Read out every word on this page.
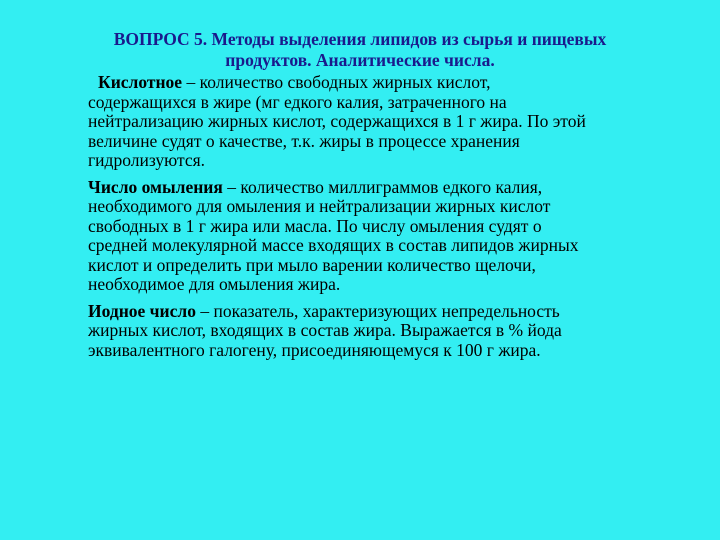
ВОПРОС 5. Методы выделения липидов из сырья и пищевых
продуктов. Аналитические числа.
Кислотное – количество свободных жирных кислот,
содержащихся в жире (мг едкого калия, затраченного на
нейтрализацию жирных кислот, содержащихся в 1 г жира. По этой
величине судят о качестве, т.к. жиры в процессе хранения
гидролизуются.
Число омыления – количество миллиграммов едкого калия,
необходимого для омыления и нейтрализации жирных кислот
свободных в 1 г жира или масла. По числу омыления судят о
средней молекулярной массе входящих в состав липидов жирных
кислот и определить при мыло варении количество щелочи,
необходимое для омыления жира.
Иодное число – показатель, характеризующих непредельность
жирных кислот, входящих в состав жира. Выражается в % йода
эквивалентного галогену, присоединяющемуся к 100 г жира.
